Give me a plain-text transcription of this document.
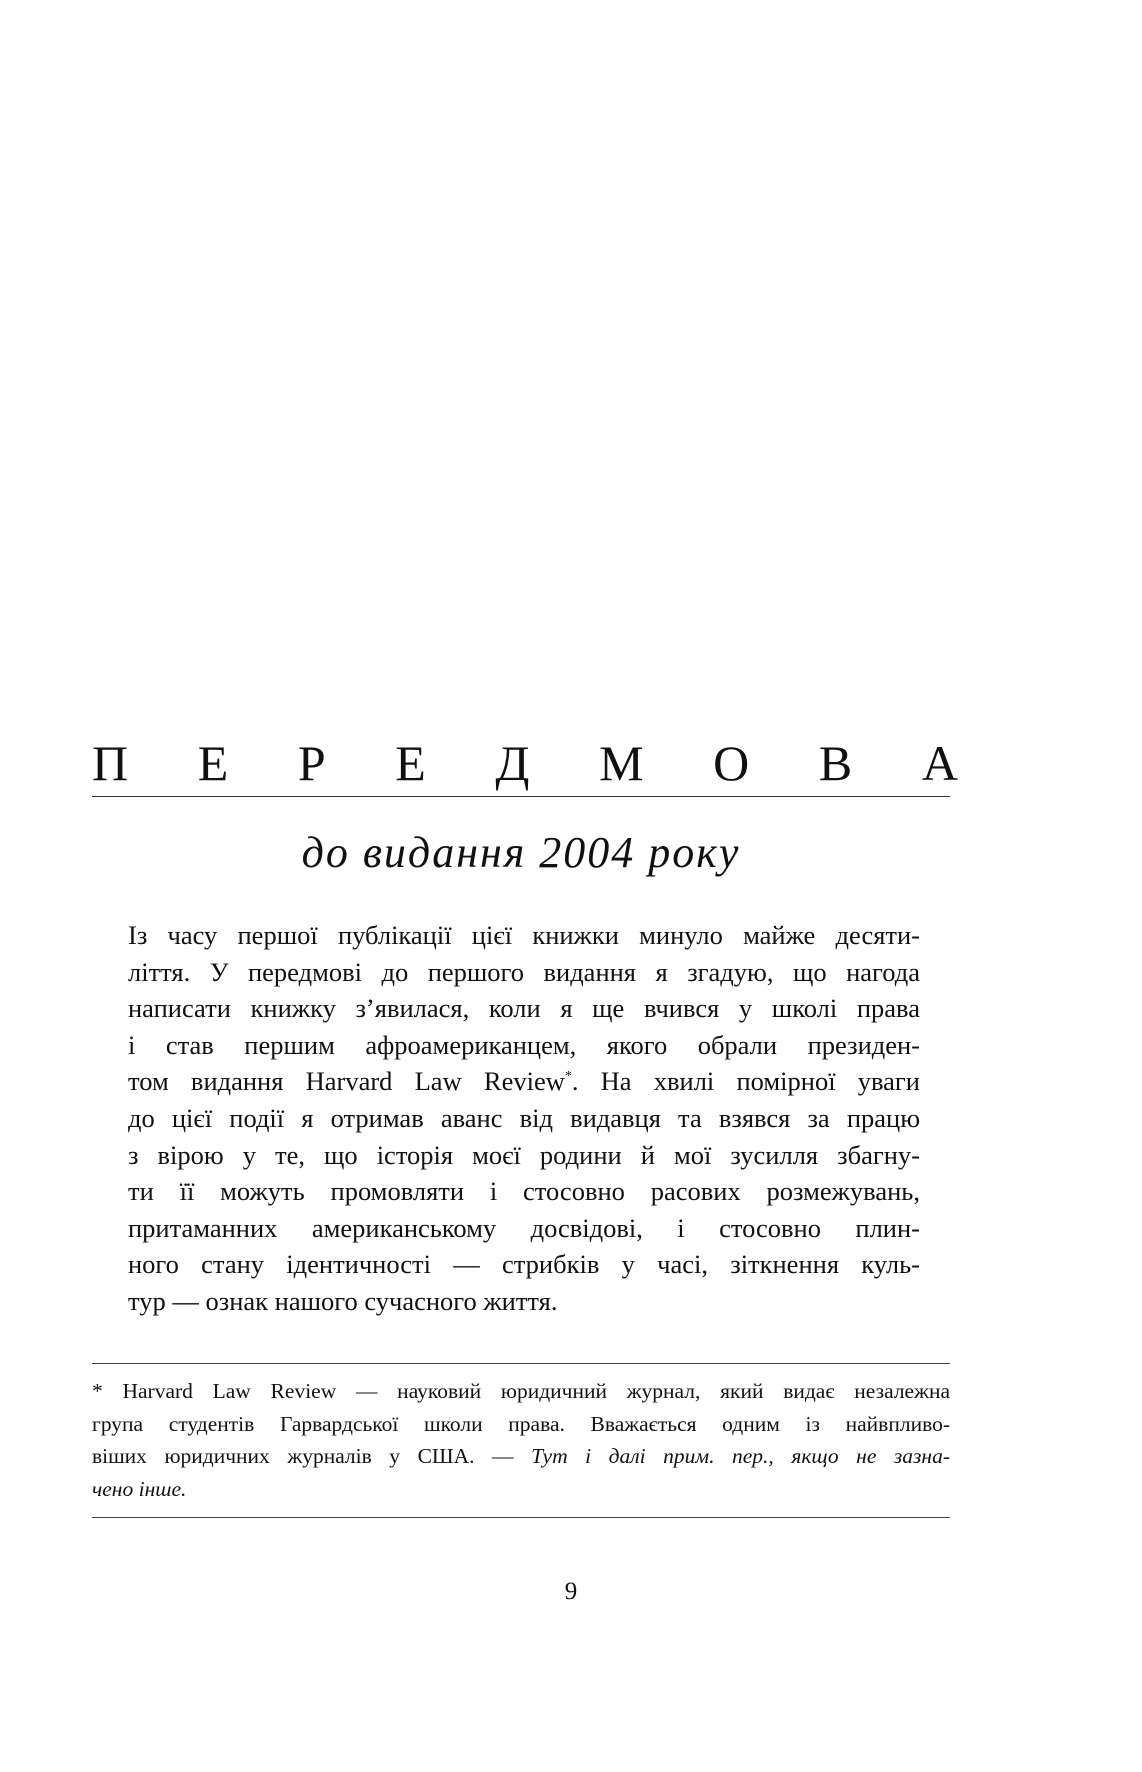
П Е Р Е Д М О В А
до видання 2004 року
Із часу першої публікації цієї книжки минуло майже десяти-
ліття. У передмові до першого видання я згадую, що нагода
написати книжку з’явилася, коли я ще вчився у школі права
і став першим афроамериканцем, якого обрали президен-
том видання Harvard Law Review*. На хвилі помірної уваги
до цієї події я отримав аванс від видавця та взявся за працю
з вірою у те, що історія моєї родини й мої зусилля збагну-
ти її можуть промовляти і стосовно расових розмежувань,
притаманних американському досвідові, і стосовно плин-
ного стану ідентичності — стрибків у часі, зіткнення куль-
тур — ознак нашого сучасного життя.
* Harvard Law Review — науковий юридичний журнал, який видає незалежна
група студентів Гарвардської школи права. Вважається одним із найвпливо-
віших юридичних журналів у США. — Тут і далі прим. пер., якщо не зазна-
чено інше.
9
